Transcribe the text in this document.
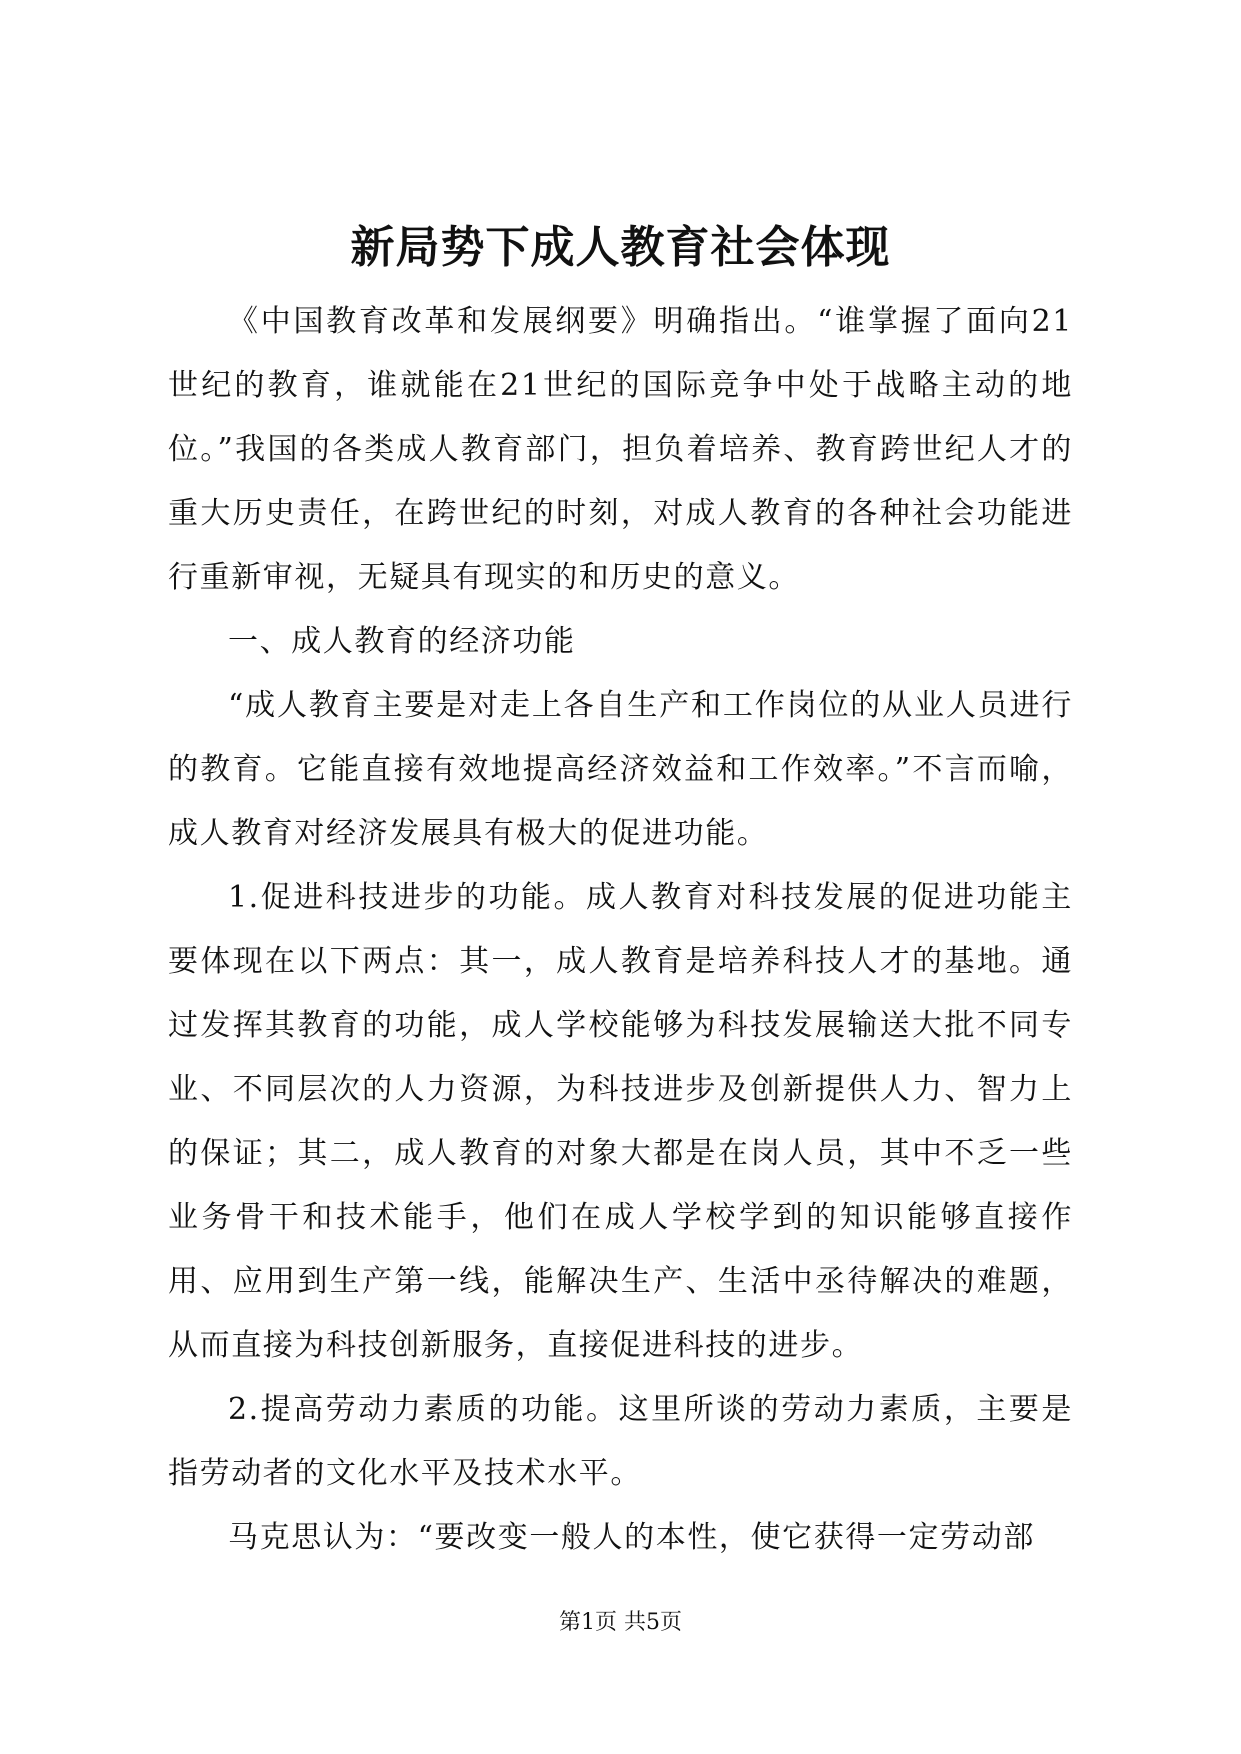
新局势下成人教育社会体现

《中国教育改革和发展纲要》明确指出。“谁掌握了面向21世纪的教育，谁就能在21世纪的国际竞争中处于战略主动的地位。”我国的各类成人教育部门，担负着培养、教育跨世纪人才的重大历史责任，在跨世纪的时刻，对成人教育的各种社会功能进行重新审视，无疑具有现实的和历史的意义。

一、成人教育的经济功能

“成人教育主要是对走上各自生产和工作岗位的从业人员进行的教育。它能直接有效地提高经济效益和工作效率。”不言而喻，成人教育对经济发展具有极大的促进功能。

1.促进科技进步的功能。成人教育对科技发展的促进功能主要体现在以下两点：其一，成人教育是培养科技人才的基地。通过发挥其教育的功能，成人学校能够为科技发展输送大批不同专业、不同层次的人力资源，为科技进步及创新提供人力、智力上的保证；其二，成人教育的对象大都是在岗人员，其中不乏一些业务骨干和技术能手，他们在成人学校学到的知识能够直接作用、应用到生产第一线，能解决生产、生活中丞待解决的难题，从而直接为科技创新服务，直接促进科技的进步。

2.提高劳动力素质的功能。这里所谈的劳动力素质，主要是指劳动者的文化水平及技术水平。

马克思认为：“要改变一般人的本性，使它获得一定劳动部

第1页 共5页
